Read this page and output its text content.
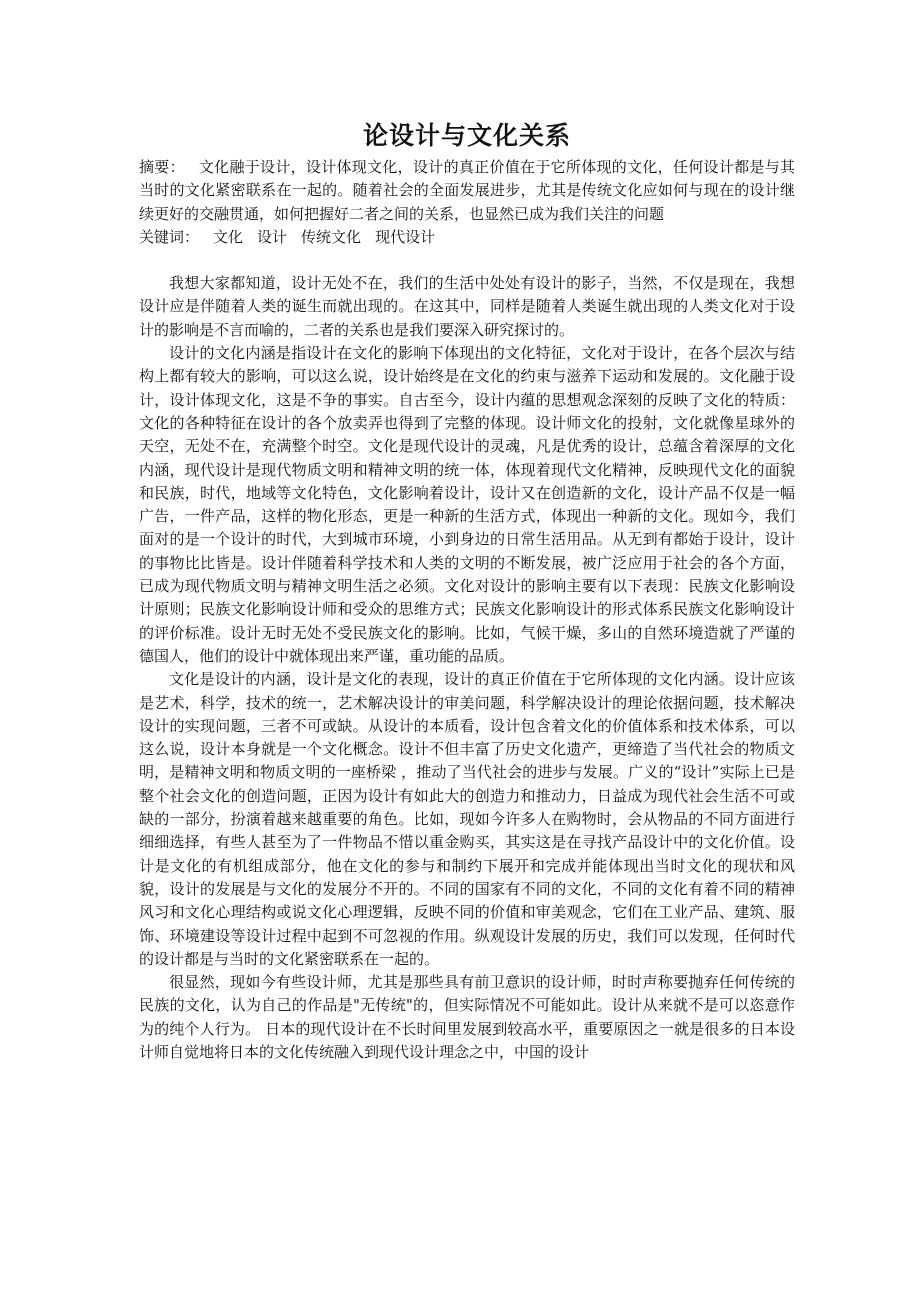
论设计与文化关系

摘要： 文化融于设计，设计体现文化，设计的真正价值在于它所体现的文化，任何设计都是与其当时的文化紧密联系在一起的。随着社会的全面发展进步，尤其是传统文化应如何与现在的设计继续更好的交融贯通，如何把握好二者之间的关系，也显然已成为我们关注的问题

关键词： 文化 设计 传统文化 现代设计

我想大家都知道，设计无处不在，我们的生活中处处有设计的影子，当然，不仅是现在，我想设计应是伴随着人类的诞生而就出现的。在这其中，同样是随着人类诞生就出现的人类文化对于设计的影响是不言而喻的，二者的关系也是我们要深入研究探讨的。

设计的文化内涵是指设计在文化的影响下体现出的文化特征，文化对于设计，在各个层次与结构上都有较大的影响，可以这么说，设计始终是在文化的约束与滋养下运动和发展的。文化融于设计，设计体现文化，这是不争的事实。自古至今，设计内蕴的思想观念深刻的反映了文化的特质：文化的各种特征在设计的各个放卖弄也得到了完整的体现。设计师文化的投射，文化就像星球外的天空，无处不在，充满整个时空。文化是现代设计的灵魂，凡是优秀的设计，总蕴含着深厚的文化内涵，现代设计是现代物质文明和精神文明的统一体，体现着现代文化精神，反映现代文化的面貌和民族，时代，地域等文化特色，文化影响着设计，设计又在创造新的文化，设计产品不仅是一幅广告，一件产品，这样的物化形态，更是一种新的生活方式，体现出一种新的文化。现如今，我们面对的是一个设计的时代，大到城市环境，小到身边的日常生活用品。从无到有都始于设计，设计的事物比比皆是。设计伴随着科学技术和人类的文明的不断发展，被广泛应用于社会的各个方面，已成为现代物质文明与精神文明生活之必须。文化对设计的影响主要有以下表现：民族文化影响设计原则；民族文化影响设计师和受众的思维方式；民族文化影响设计的形式体系民族文化影响设计的评价标准。设计无时无处不受民族文化的影响。比如，气候干燥，多山的自然环境造就了严谨的德国人，他们的设计中就体现出来严谨，重功能的品质。

文化是设计的内涵，设计是文化的表现，设计的真正价值在于它所体现的文化内涵。设计应该是艺术，科学，技术的统一，艺术解决设计的审美问题，科学解决设计的理论依据问题，技术解决设计的实现问题，三者不可或缺。从设计的本质看，设计包含着文化的价值体系和技术体系，可以这么说，设计本身就是一个文化概念。设计不但丰富了历史文化遗产，更缔造了当代社会的物质文明，是精神文明和物质文明的一座桥梁 ，推动了当代社会的进步与发展。广义的“设计”实际上已是整个社会文化的创造问题，正因为设计有如此大的创造力和推动力，日益成为现代社会生活不可或缺的一部分，扮演着越来越重要的角色。比如，现如今许多人在购物时，会从物品的不同方面进行细细选择，有些人甚至为了一件物品不惜以重金购买，其实这是在寻找产品设计中的文化价值。设计是文化的有机组成部分，他在文化的参与和制约下展开和完成并能体现出当时文化的现状和风貌，设计的发展是与文化的发展分不开的。不同的国家有不同的文化，不同的文化有着不同的精神风习和文化心理结构或说文化心理逻辑，反映不同的价值和审美观念，它们在工业产品、建筑、服饰、环境建设等设计过程中起到不可忽视的作用。纵观设计发展的历史，我们可以发现，任何时代的设计都是与当时的文化紧密联系在一起的。

很显然，现如今有些设计师，尤其是那些具有前卫意识的设计师，时时声称要抛弃任何传统的民族的文化，认为自己的作品是"无传统"的，但实际情况不可能如此。设计从来就不是可以恣意作为的纯个人行为。 日本的现代设计在不长时间里发展到较高水平，重要原因之一就是很多的日本设计师自觉地将日本的文化传统融入到现代设计理念之中，中国的设计
